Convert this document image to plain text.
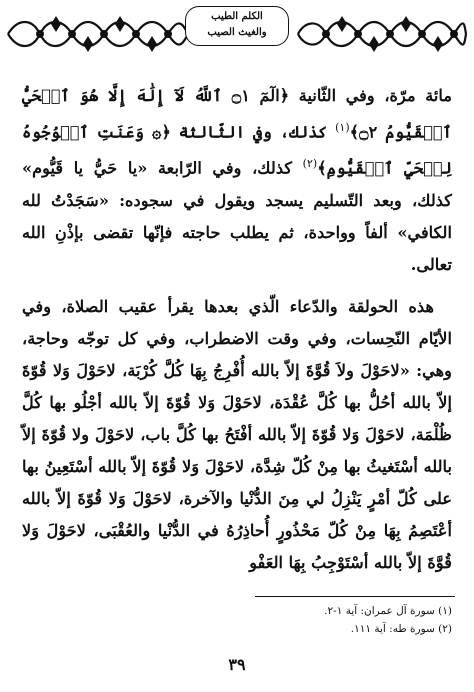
الكلم الطيب
والغيث الصيب

مائة مرّة، وفي الثّانية ﴿الٓمٓ ۝١ ٱللَّهُ لَآ إِلَٰهَ إِلَّا هُوَ ٱلۡحَيُّ ٱلۡقَيُّومُ ۝٢﴾$^{(١)}$ كذلك، وفي الثّالثة ﴿۞ وَعَنَتِ ٱلۡوُجُوهُ لِلۡحَيِّ ٱلۡقَيُّومِ﴾$^{(٢)}$ كذلك، وفي الرّابعة «يا حَيُّ يا قَيُّوم» كذلك، وبعد التّسليم يسجد ويقول في سجوده: «سَجَدْتُ لله الكافي» ألفاً وواحدة، ثم يطلب حاجته فإنّها تقضى بإذْنِ الله تعالى.

هذه الحولقة والدّعاء الّذي بعدها يقرأ عقيب الصلاة، وفي الأيّام النّحِسات، وفي وقت الاضطراب، وفي كل توجّه وحاجة، وهي: «لاحَوْلَ ولاَ قُوَّةَ إلاّ بالله أُفْرِجُ بِهَا كُلَّ كُرْبَة، لاحَوْلَ وَلا قُوّةَ إلاّ بالله أحُلُّ بها كُلَّ عُقْدَة، لاحَوْلَ وَلا قُوّةَ إلاّ بالله أجْلُو بها كُلَّ ظُلْمَة، لاحَوْلَ وَلا قُوّةَ إلاّ بالله أفْتَحُ بها كُلَّ باب، لاحَوْلَ ولا قُوّةَ إلاّ بالله أسْتَغيثُ بها مِنْ كُلّ شِدَّة، لاحَوْلَ وَلا قُوّةَ إلاّ بالله أسْتَعِينُ بها على كُلّ أمْرٍ يَنْزِلُ لي مِنَ الدُّنْيا والآخرة، لاحَوْلَ وَلا قُوّةَ إلاّ بالله أعْتَصِمُ بِهَا مِنْ كُلّ مَحْذُورٍ أُحاذِرُهُ في الدُّنْيا والعُقْبَى، لاحَوْلَ وَلا قُوَّةَ إلاّ بالله أسْتَوْجِبُ بِهَا العَفْو

(١) سورة آل عمران: آية ١-٢.
(٢) سورة طه: آية ١١١.
٣٩
